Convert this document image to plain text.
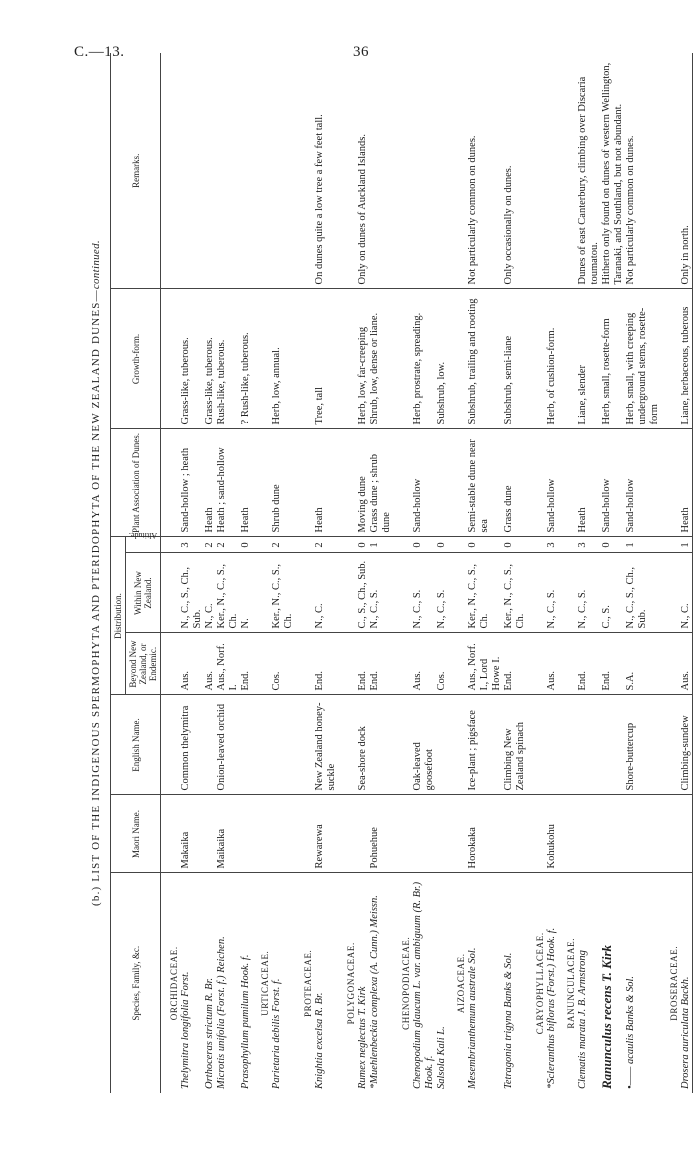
C.—13.	36
(b.) LIST OF THE INDIGENOUS SPERMOPHYTA AND PTERIDOPHYTA OF THE NEW ZEALAND DUNES—continued.
Species, Family, &c.	Maori Name.	English Name.	Distribution.			Plant Association of Dunes.	Growth-form.	Remarks.
			Beyond New Zealand, or Endemic.	Within New Zealand.	Altitude.			
ORCHIDACEAE.								
Thelymitra longifolia Forst.	Makaika	Common thelymitra	Aus.	N., C., S., Ch., Sub.	3	Sand-hollow ; heath	Grass-like, tuberous.	
Orthoceras strictum R. Br.			Aus.	N., C.	2	Heath	Grass-like, tuberous.	
Microtis unifolia (Forst. f.) Reichen.	Maikaika	Onion-leaved orchid	Aus., Norf. I.	Ker., N., C., S., Ch.	2	Heath ; sand-hollow	Rush-like, tuberous.	
Prasophyllum pumilum Hook. f.			End.	N.	0	Heath	? Rush-like, tuberous.	
URTICACEAE.								
Parietaria debilis Forst. f.			Cos.	Ker., N., C., S., Ch.	2	Shrub dune	Herb, low, annual.	
PROTEACEAE.								
Knightia excelsa R. Br.	Rewarewa	New Zealand honey-suckle	End.	N., C.	2	Heath	Tree, tall	On dunes quite a low tree a few feet tall.
POLYGONACEAE.								
Rumex neglectus T. Kirk		Sea-shore dock	End.	C., S., Ch., Sub.	0	Moving dune	Herb, low, far-creeping	Only on dunes of Auckland Islands.
*Muehlenbeckia complexa (A. Cunn.) Meissn.	Pohuehue		End.	N., C., S.	1	Grass dune ; shrub dune	Shrub, low, dense or liane.	
CHENOPODIACEAE.								
Chenopodium glaucum L. var. ambiguum (R. Br.) Hook. f.		Oak-leaved goosefoot	Aus.	N., C., S.	0	Sand-hollow	Herb, prostrate, spreading.	
Salsola Kali L.			Cos.	N., C., S.	0		Subshrub, low.	
AIZOACEAE.								
Mesembrianthemum australe Sol.	Horokaka	Ice-plant ; pigsface	Aus., Norf. I., Lord Howe I.	Ker., N., C., S., Ch.	0	Semi-stable dune near sea	Subshrub, trailing and rooting	Not particularly common on dunes.
Tetragonia trigyna Banks & Sol.		Climbing New Zealand spinach	End.	Ker., N., C., S., Ch.	0	Grass dune	Subshrub, semi-liane	Only occasionally on dunes.
CARYOPHYLLACEAE.								
*Scleranthus biflorus (Forst.) Hook. f.	Kohukohu		Aus.	N., C., S.	3	Sand-hollow	Herb, of cushion-form.	
RANUNCULACEAE.								
Clematis marata J. B. Armstrong			End.	N., C., S.	3	Heath	Liane, slender	Dunes of east Canterbury, climbing over Discaria toumatou.
Ranunculus recens T. Kirk			End.	C., S.	0	Sand-hollow	Herb, small, rosette-form	Hitherto only found on dunes of western Wellington, Taranaki, and Southland, but not abundant.
•—— acaulis Banks & Sol.		Shore-buttercup	S.A.	N., C., S., Ch., Sub.	1	Sand-hollow	Herb, small, with creeping underground stems, rosette-form	Not particularly common on dunes.
DROSERACEAE.								
Drosera auriculata Backh.		Climbing-sundew	Aus.	N., C.	1	Heath	Liane, herbaceous, tuberous	Only in north.
